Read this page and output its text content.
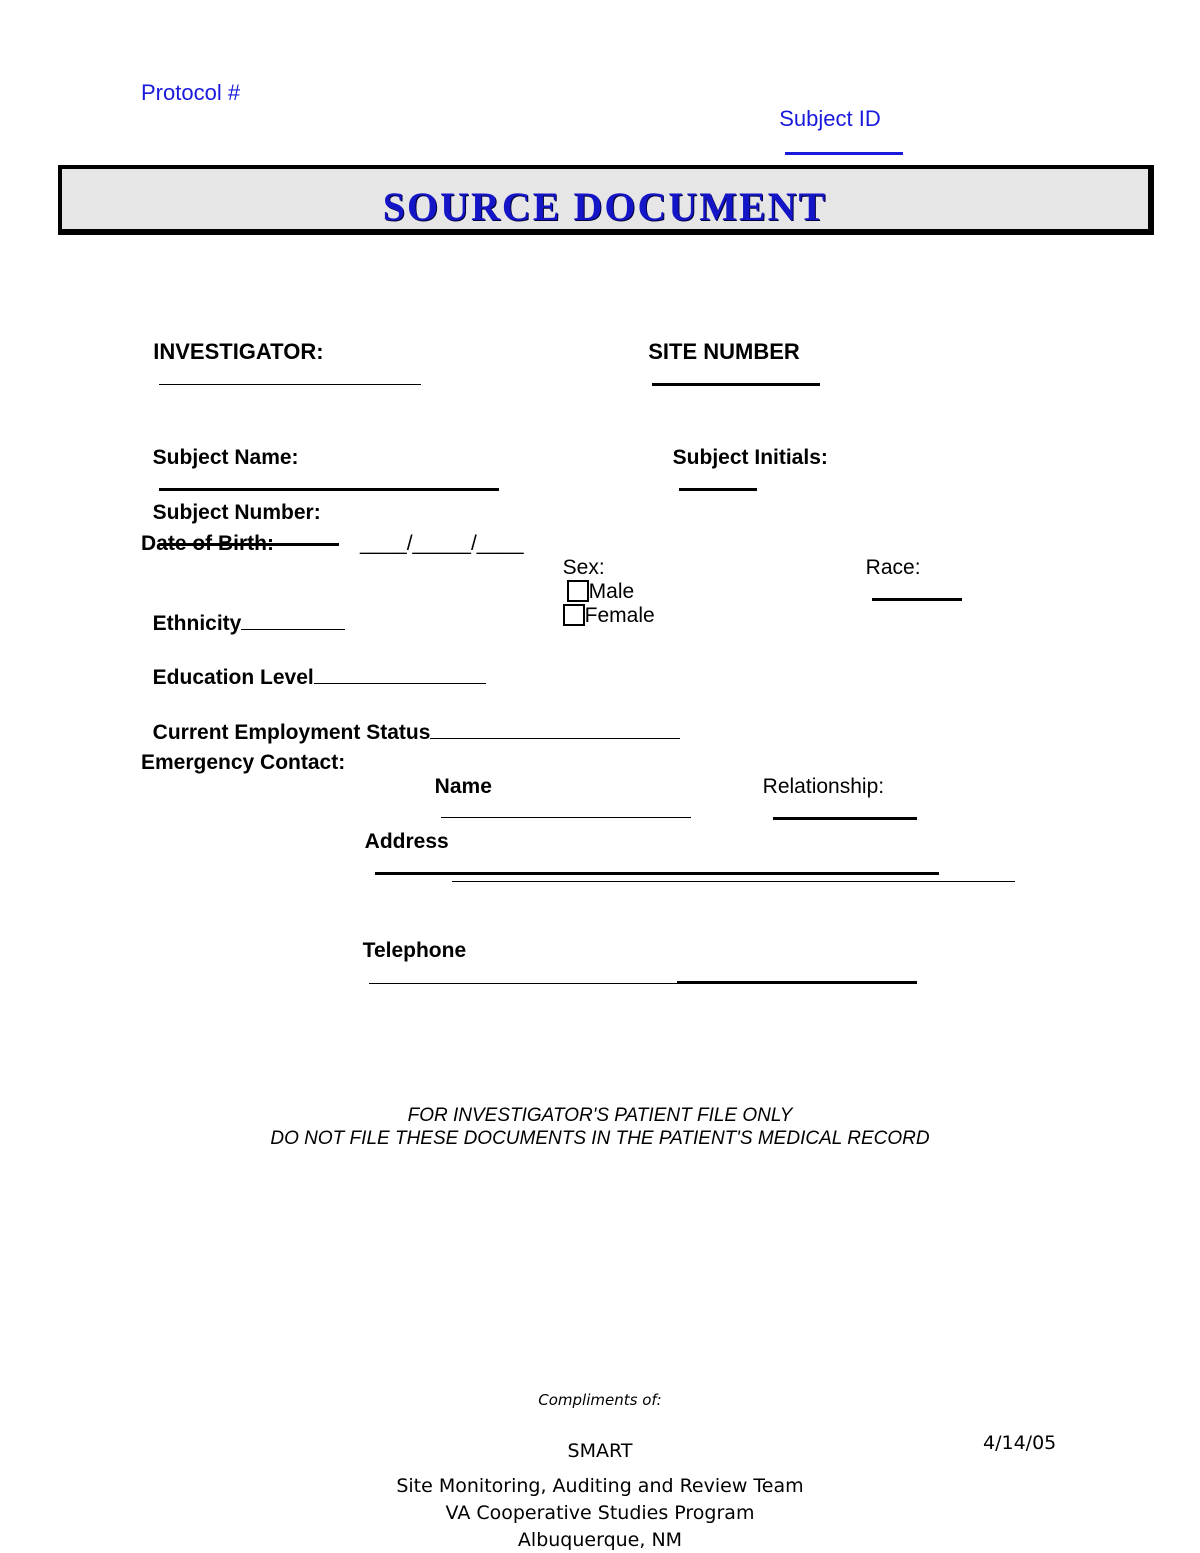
Protocol #

Subject ID

SOURCE DOCUMENT

INVESTIGATOR:
	SITE NUMBER

Subject Name:
	Subject Initials:

Subject Number:

Date of Birth:	____/_____/____

Sex:
Male
Female

Race:

Ethnicity

Education Level

Current Employment Status

Emergency Contact:

Name
	Relationship:

Address

Telephone

FOR INVESTIGATOR'S PATIENT FILE ONLY
DO NOT FILE THESE DOCUMENTS IN THE PATIENT'S MEDICAL RECORD
Compliments of:
SMART	4/14/05
Site Monitoring, Auditing and Review Team
VA Cooperative Studies Program
Albuquerque, NM
